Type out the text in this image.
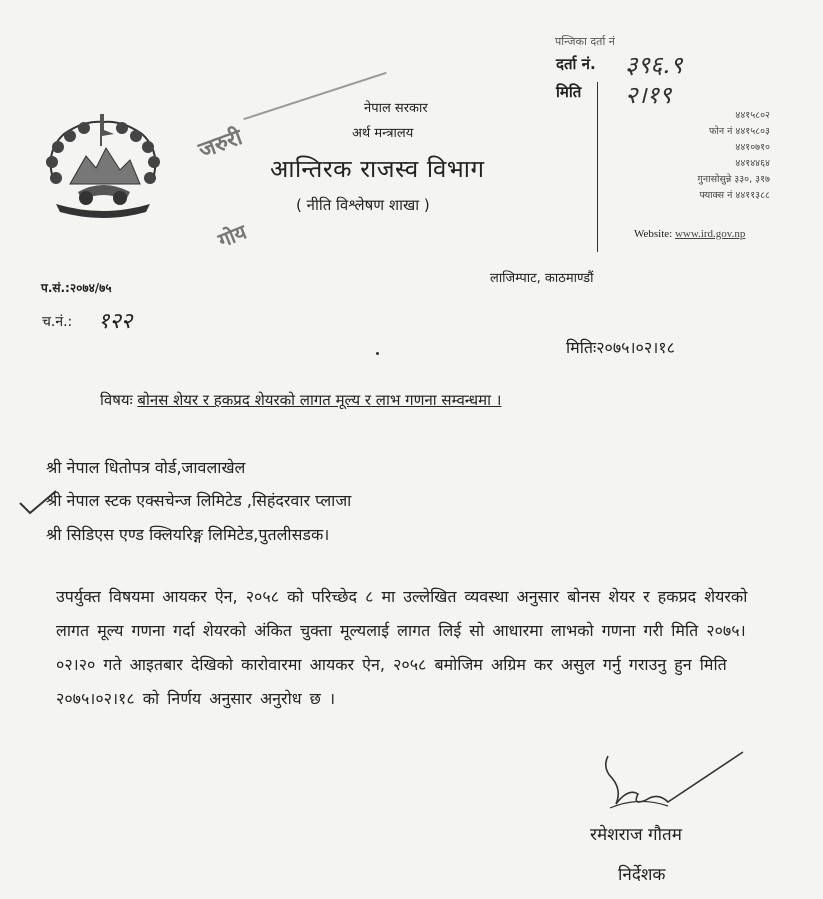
जरुरी
गोय
नेपाल सरकार
अर्थ मन्त्रालय
आन्तिरक राजस्व विभाग
( नीति विश्लेषण शाखा )
पन्जिका दर्ता नं
दर्ता नं. ३९६.९
मिति २।१९
४४१५८०२
फोन नं ४४१५८०३
४४१०७१०
४४१४४६४
गुनासोसुन्ने ३३०, ३१७
फ्याक्स नं ४४११३८८
Website: www.ird.gov.np
प.सं.:२०७४/७५
च.नं.: १२२
लाजिम्पाट, काठमाण्डौं
मितिः२०७५।०२।१८
विषयः बोनस शेयर र हकप्रद शेयरको लागत मूल्य र लाभ गणना सम्वन्धमा ।
श्री नेपाल धितोपत्र वोर्ड,जावलाखेल
श्री नेपाल स्टक एक्सचेन्ज लिमिटेड ,सिहंदरवार प्लाजा
श्री सिडिएस एण्ड क्लियरिङ्ग लिमिटेड,पुतलीसडक।
उपर्युक्त विषयमा आयकर ऐन, २०५८ को परिच्छेद ८ मा उल्लेखित व्यवस्था अनुसार बोनस शेयर र हकप्रद शेयरको लागत मूल्य गणना गर्दा शेयरको अंकित चुक्ता मूल्यलाई लागत लिई सो आधारमा लाभको गणना गरी मिति २०७५।०२।२० गते आइतबार देखिको कारोवारमा आयकर ऐन, २०५८ बमोजिम अग्रिम कर असुल गर्नु गराउनु हुन मिति २०७५।०२।१८ को निर्णय अनुसार अनुरोध छ ।
रमेशराज गौतम
निर्देशक
